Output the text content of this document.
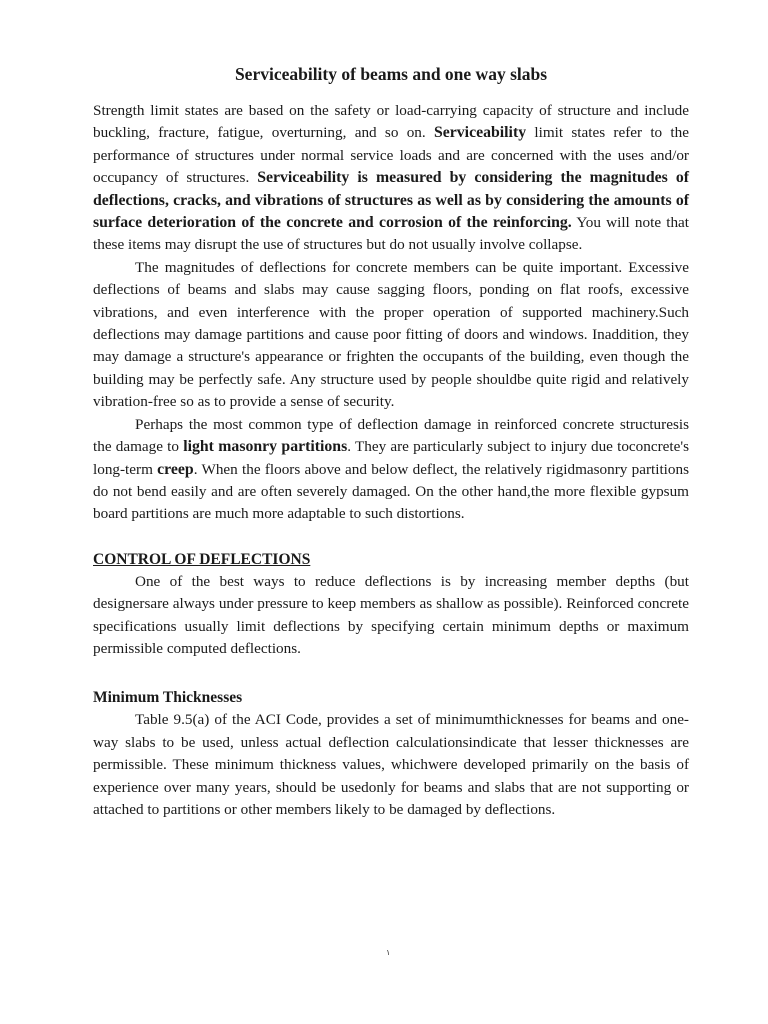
Serviceability of beams and one way slabs

Strength limit states are based on the safety or load-carrying capacity of structure and include buckling, fracture, fatigue, overturning, and so on. Serviceability limit states refer to the performance of structures under normal service loads and are concerned with the uses and/or occupancy of structures. Serviceability is measured by considering the magnitudes of deflections, cracks, and vibrations of structures as well as by considering the amounts of surface deterioration of the concrete and corrosion of the reinforcing. You will note that these items may disrupt the use of structures but do not usually involve collapse.

The magnitudes of deflections for concrete members can be quite important. Excessive deflections of beams and slabs may cause sagging floors, ponding on flat roofs, excessive vibrations, and even interference with the proper operation of supported machinery.Such deflections may damage partitions and cause poor fitting of doors and windows. Inaddition, they may damage a structure's appearance or frighten the occupants of the building, even though the building may be perfectly safe. Any structure used by people shouldbe quite rigid and relatively vibration-free so as to provide a sense of security.

Perhaps the most common type of deflection damage in reinforced concrete structuresis the damage to light masonry partitions. They are particularly subject to injury due toconcrete's long-term creep. When the floors above and below deflect, the relatively rigidmasonry partitions do not bend easily and are often severely damaged. On the other hand,the more flexible gypsum board partitions are much more adaptable to such distortions.

CONTROL OF DEFLECTIONS

One of the best ways to reduce deflections is by increasing member depths (but designersare always under pressure to keep members as shallow as possible). Reinforced concrete specifications usually limit deflections by specifying certain minimum depths or maximum permissible computed deflections.

Minimum Thicknesses

Table 9.5(a) of the ACI Code, provides a set of minimumthicknesses for beams and one-way slabs to be used, unless actual deflection calculationsindicate that lesser thicknesses are permissible. These minimum thickness values, whichwere developed primarily on the basis of experience over many years, should be usedonly for beams and slabs that are not supporting or attached to partitions or other members likely to be damaged by deflections.

١
